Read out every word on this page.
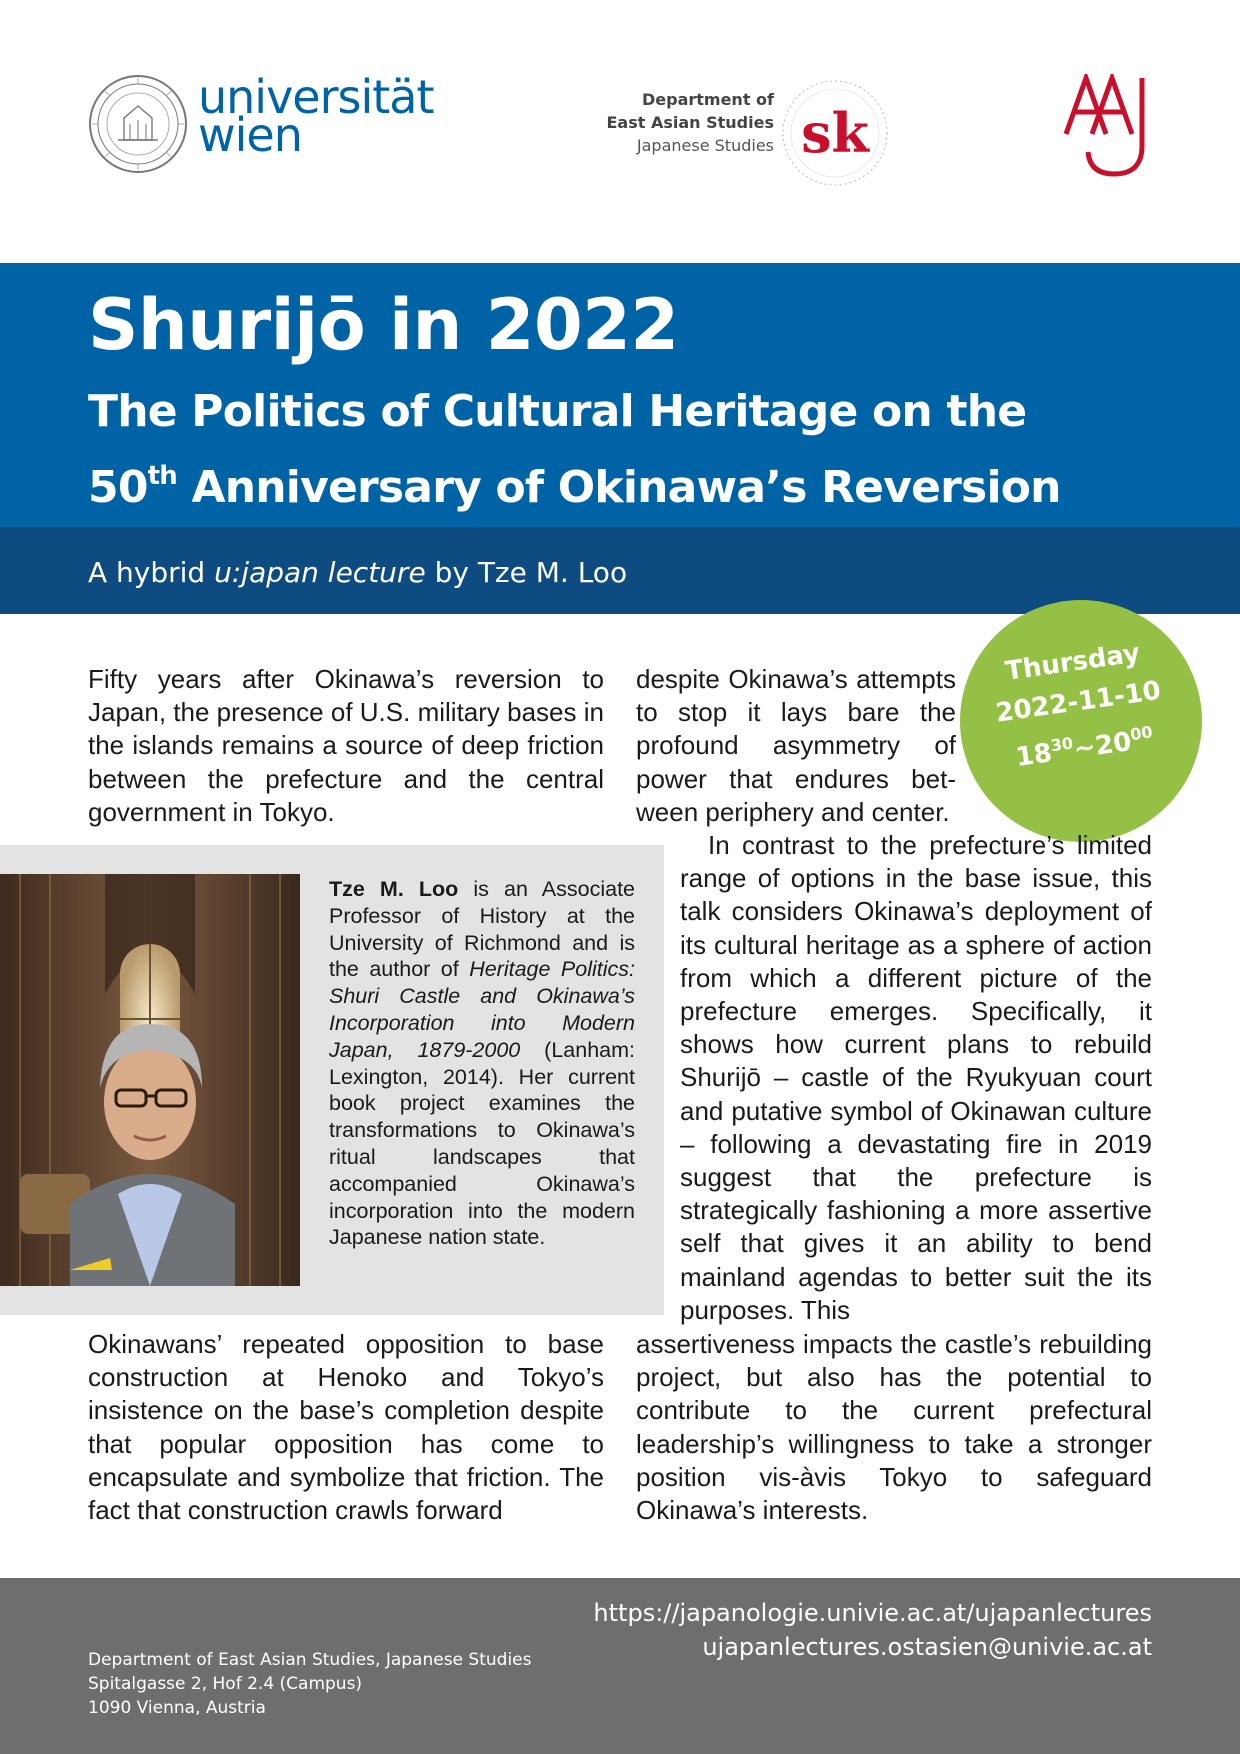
universität
wien
Department of
East Asian Studies
Japanese Studies sk
Shurijō in 2022
The Politics of Cultural Heritage on the
50th Anniversary of Okinawa’s Reversion
A hybrid u:japan lecture by Tze M. Loo
Thursday
2022-11-10
$18^{30}\sim 20^{00}$

Fifty years after Okinawa’s reversion to Japan, the presence of U.S. military bases in the islands remains a source of deep friction between the prefecture and the central government in Tokyo.

despite Okinawa’s attempts to stop it lays bare the profound asymmetry of power that endures between periphery and center.

In contrast to the prefecture’s limited range of options in the base issue, this talk considers Okinawa’s deployment of its cultural heritage as a sphere of action from which a different picture of the prefecture emerges. Specifically, it shows how current plans to rebuild Shurijō – castle of the Ryukyuan court and putative symbol of Okinawan culture – following a devastating fire in 2019 suggest that the prefecture is strategically fashioning a more assertive self that gives it an ability to bend mainland agendas to better suit the its purposes. This

assertiveness impacts the castle’s rebuilding project, but also has the potential to contribute to the current prefectural leadership’s willingness to take a stronger position vis-àvis Tokyo to safeguard Okinawa’s interests.

Tze M. Loo is an Associate Professor of History at the University of Richmond and is the author of Heritage Politics: Shuri Castle and Okinawa’s Incorporation into Modern Japan, 1879-2000 (Lanham: Lexington, 2014). Her current book project examines the transformations to Okinawa’s ritual landscapes that accompanied Okinawa’s incorporation into the modern Japanese nation state.

Okinawans’ repeated opposition to base construction at Henoko and Tokyo’s insistence on the base’s completion despite that popular opposition has come to encapsulate and symbolize that friction. The fact that construction crawls forward

https://japanologie.univie.ac.at/ujapanlectures
ujapanlectures.ostasien@univie.ac.at
Department of East Asian Studies, Japanese Studies
Spitalgasse 2, Hof 2.4 (Campus)
1090 Vienna, Austria
